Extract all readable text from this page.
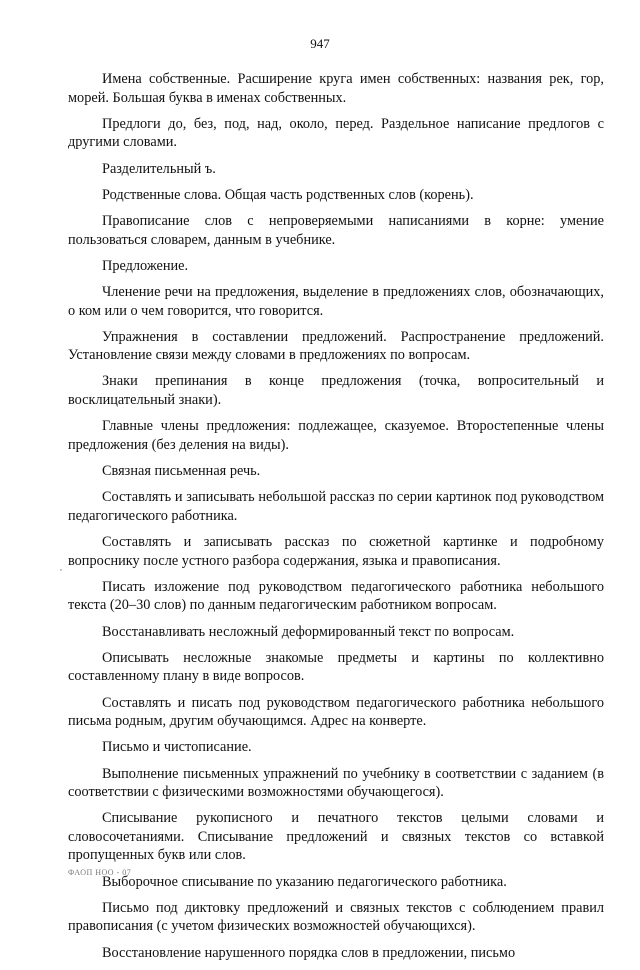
947

Имена собственные. Расширение круга имен собственных: названия рек, гор, морей. Большая буква в именах собственных.

Предлоги до, без, под, над, около, перед. Раздельное написание предлогов с другими словами.

Разделительный ъ.

Родственные слова. Общая часть родственных слов (корень).

Правописание слов с непроверяемыми написаниями в корне: умение пользоваться словарем, данным в учебнике.

Предложение.

Членение речи на предложения, выделение в предложениях слов, обозначающих, о ком или о чем говорится, что говорится.

Упражнения в составлении предложений. Распространение предложений. Установление связи между словами в предложениях по вопросам.

Знаки препинания в конце предложения (точка, вопросительный и восклицательный знаки).

Главные члены предложения: подлежащее, сказуемое. Второстепенные члены предложения (без деления на виды).

Связная письменная речь.

Составлять и записывать небольшой рассказ по серии картинок под руководством педагогического работника.

Составлять и записывать рассказ по сюжетной картинке и подробному вопроснику после устного разбора содержания, языка и правописания.

Писать изложение под руководством педагогического работника небольшого текста (20–30 слов) по данным педагогическим работником вопросам.

Восстанавливать несложный деформированный текст по вопросам.

Описывать несложные знакомые предметы и картины по коллективно составленному плану в виде вопросов.

Составлять и писать под руководством педагогического работника небольшого письма родным, другим обучающимся. Адрес на конверте.

Письмо и чистописание.

Выполнение письменных упражнений по учебнику в соответствии с заданием (в соответствии с физическими возможностями обучающегося).

Списывание рукописного и печатного текстов целыми словами и словосочетаниями. Списывание предложений и связных текстов со вставкой пропущенных букв или слов.

Выборочное списывание по указанию педагогического работника.

Письмо под диктовку предложений и связных текстов с соблюдением правил правописания (с учетом физических возможностей обучающихся).

Восстановление нарушенного порядка слов в предложении, письмо

,
ФАОП НОО - 07
